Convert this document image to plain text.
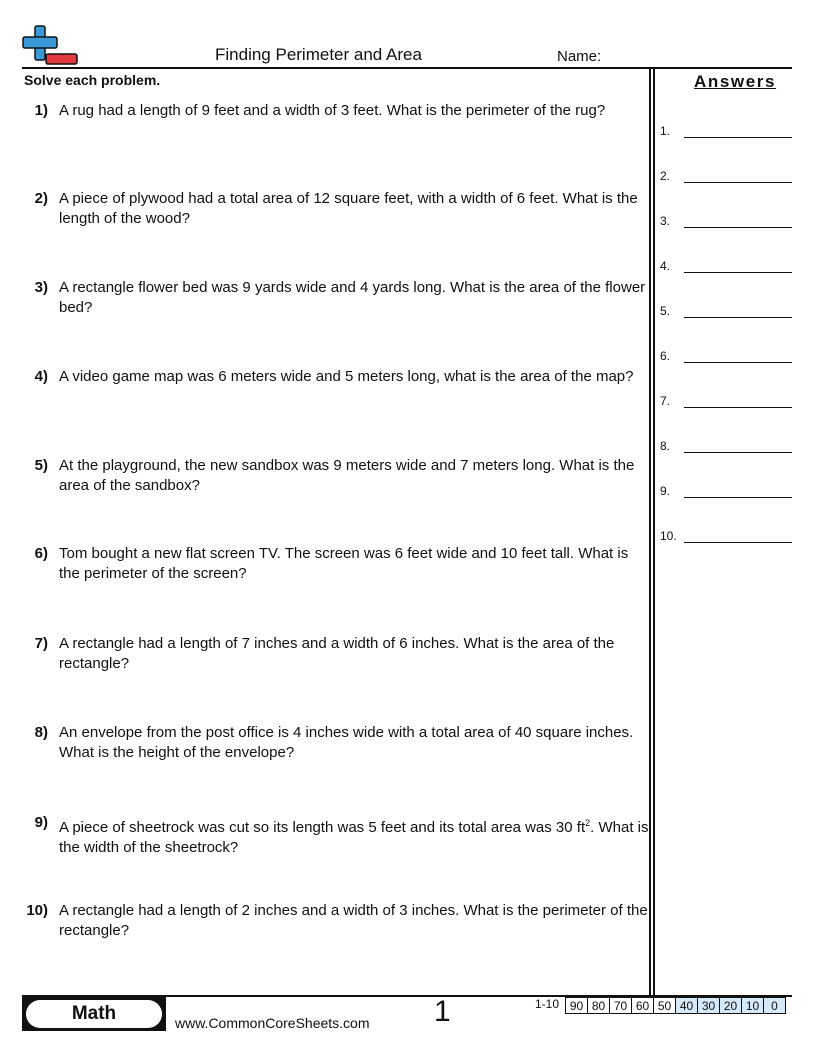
Finding Perimeter and Area	Name:
Solve each problem.	Answers
1) A rug had a length of 9 feet and a width of 3 feet. What is the perimeter of the rug?
2) A piece of plywood had a total area of 12 square feet, with a width of 6 feet. What is the length of the wood?
3) A rectangle flower bed was 9 yards wide and 4 yards long. What is the area of the flower bed?
4) A video game map was 6 meters wide and 5 meters long, what is the area of the map?
5) At the playground, the new sandbox was 9 meters wide and 7 meters long. What is the area of the sandbox?
6) Tom bought a new flat screen TV. The screen was 6 feet wide and 10 feet tall. What is the perimeter of the screen?
7) A rectangle had a length of 7 inches and a width of 6 inches. What is the area of the rectangle?
8) An envelope from the post office is 4 inches wide with a total area of 40 square inches. What is the height of the envelope?
9) A piece of sheetrock was cut so its length was 5 feet and its total area was 30 $ft^2$. What is the width of the sheetrock?
10) A rectangle had a length of 2 inches and a width of 3 inches. What is the perimeter of the rectangle?
1.
2.
3.
4.
5.
6.
7.
8.
9.
10.
Math	www.CommonCoreSheets.com 1	1-10 90	80	70	60	50	40	30	20	10	0
